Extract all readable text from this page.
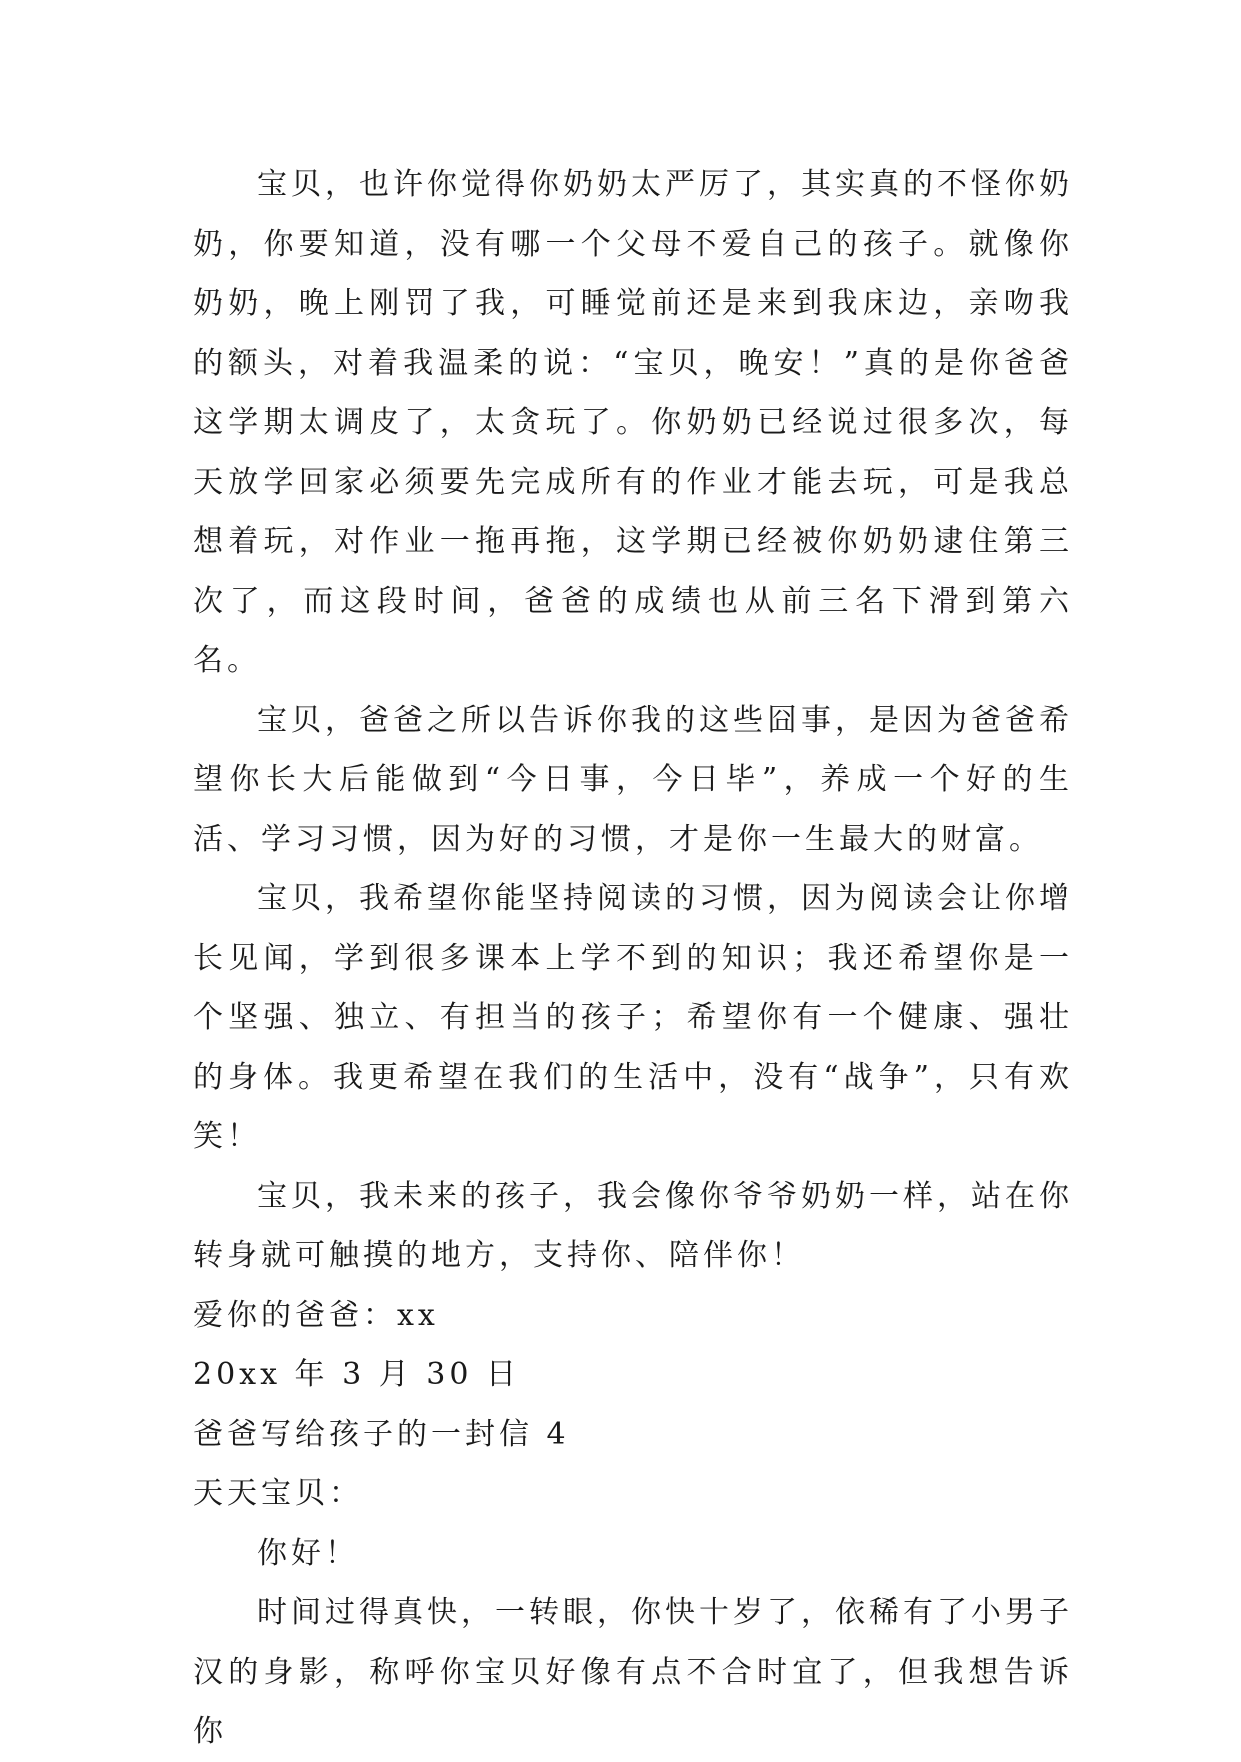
宝贝，也许你觉得你奶奶太严厉了，其实真的不怪你奶奶，你要知道，没有哪一个父母不爱自己的孩子。就像你奶奶，晚上刚罚了我，可睡觉前还是来到我床边，亲吻我的额头，对着我温柔的说：“宝贝，晚安！”真的是你爸爸这学期太调皮了，太贪玩了。你奶奶已经说过很多次，每天放学回家必须要先完成所有的作业才能去玩，可是我总想着玩，对作业一拖再拖，这学期已经被你奶奶逮住第三次了，而这段时间，爸爸的成绩也从前三名下滑到第六名。

宝贝，爸爸之所以告诉你我的这些囧事，是因为爸爸希望你长大后能做到“今日事，今日毕”，养成一个好的生活、学习习惯，因为好的习惯，才是你一生最大的财富。

宝贝，我希望你能坚持阅读的习惯，因为阅读会让你增长见闻，学到很多课本上学不到的知识；我还希望你是一个坚强、独立、有担当的孩子；希望你有一个健康、强壮的身体。我更希望在我们的生活中，没有“战争”，只有欢笑！

宝贝，我未来的孩子，我会像你爷爷奶奶一样，站在你转身就可触摸的地方，支持你、陪伴你！

爱你的爸爸：xx

20xx 年 3 月 30 日

爸爸写给孩子的一封信 4

天天宝贝：

你好！

时间过得真快，一转眼，你快十岁了，依稀有了小男子汉的身影，称呼你宝贝好像有点不合时宜了，但我想告诉你
